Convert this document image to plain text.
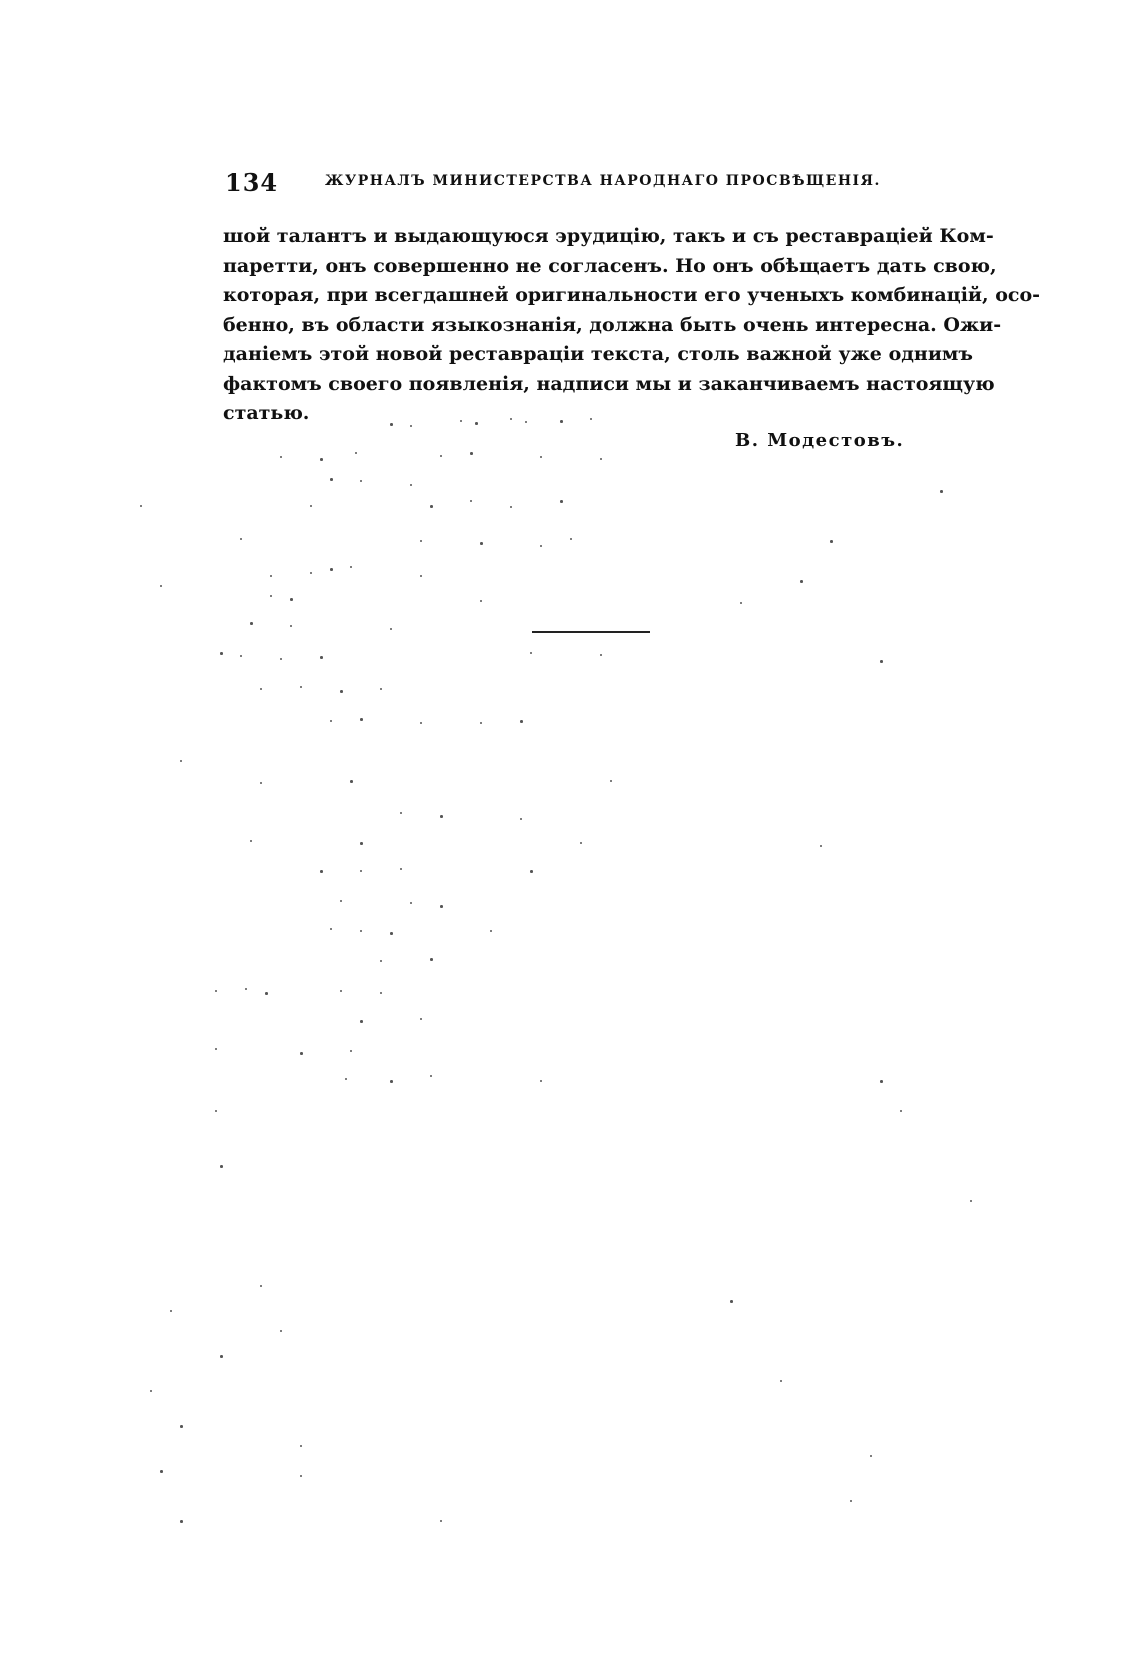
134	ЖУРНАЛЪ МИНИСТЕРСТВА НАРОДНАГО ПРОСВѢЩЕНІЯ.
шой талантъ и выдающуюся эрудицію, такъ и съ реставраціей Ком-
паретти, онъ совершенно не согласенъ. Но онъ обѣщаетъ дать свою,
которая, при всегдашней оригинальности его ученыхъ комбинацій, осо-
бенно, въ области языкознанія, должна быть очень интересна. Ожи-
даніемъ этой новой реставраціи текста, столь важной уже однимъ
фактомъ своего появленія, надписи мы и заканчиваемъ настоящую
статью.
В. Модестовъ.
